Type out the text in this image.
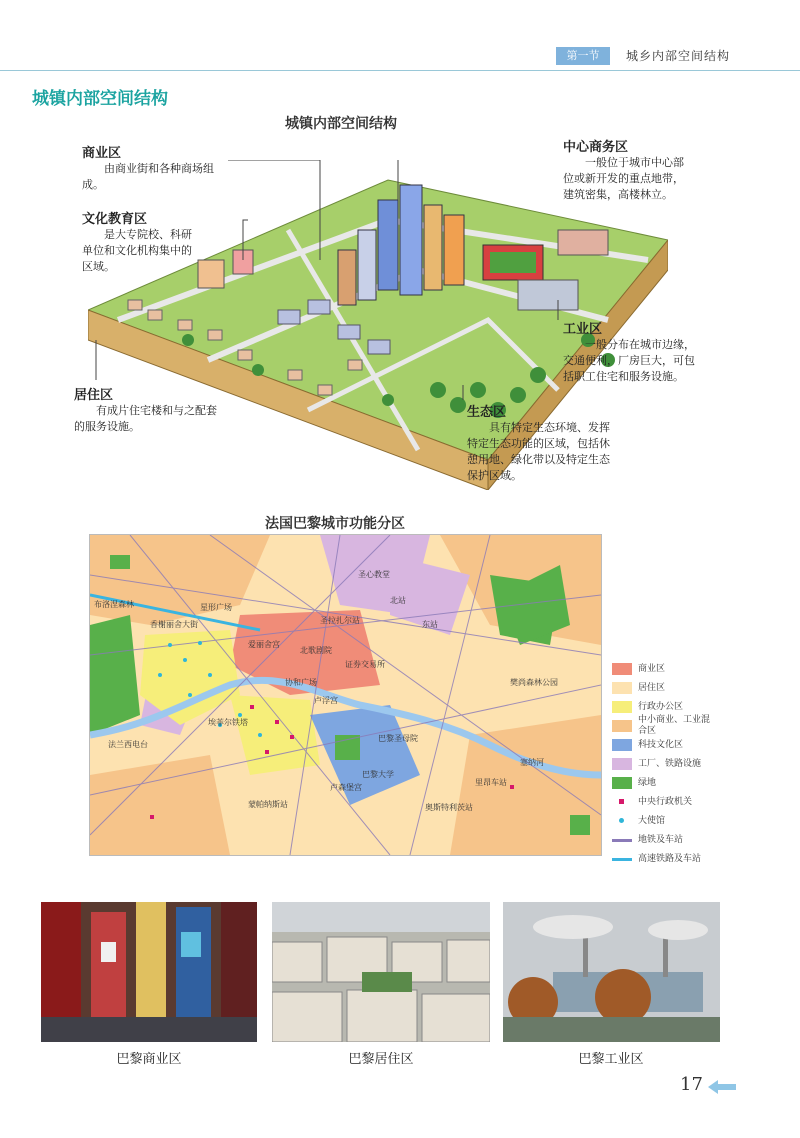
第一节	城乡内部空间结构
城镇内部空间结构
城镇内部空间结构
商业区
由商业街和各种商场组成。
文化教育区
是大专院校、科研单位和文化机构集中的区域。
中心商务区
一般位于城市中心部位或新开发的重点地带，建筑密集，高楼林立。
工业区
一般分布在城市边缘，交通便利，厂房巨大，可包括职工住宅和服务设施。
居住区
有成片住宅楼和与之配套的服务设施。
生态区
具有特定生态环境、发挥特定生态功能的区域，包括休憩用地、绿化带以及特定生态保护区域。
法国巴黎城市功能分区
圣心教堂
北站
东站
圣拉扎尔站
星形广场
爱丽舍宫
北歌剧院
证券交易所
协和广场
卢浮宫
巴黎圣母院
埃菲尔铁塔
法兰西电台
卢森堡宫
巴黎大学
蒙帕纳斯站	奥斯特利茨站
里昂车站
樊尚森林公园
布洛涅森林
塞纳河
香榭丽舍大街
商业区
居住区
行政办公区
中小商业、工业混合区
科技文化区
工厂、铁路设施
绿地
中央行政机关
大使馆
地铁及车站
高速铁路及车站
巴黎商业区	巴黎居住区	巴黎工业区
17
